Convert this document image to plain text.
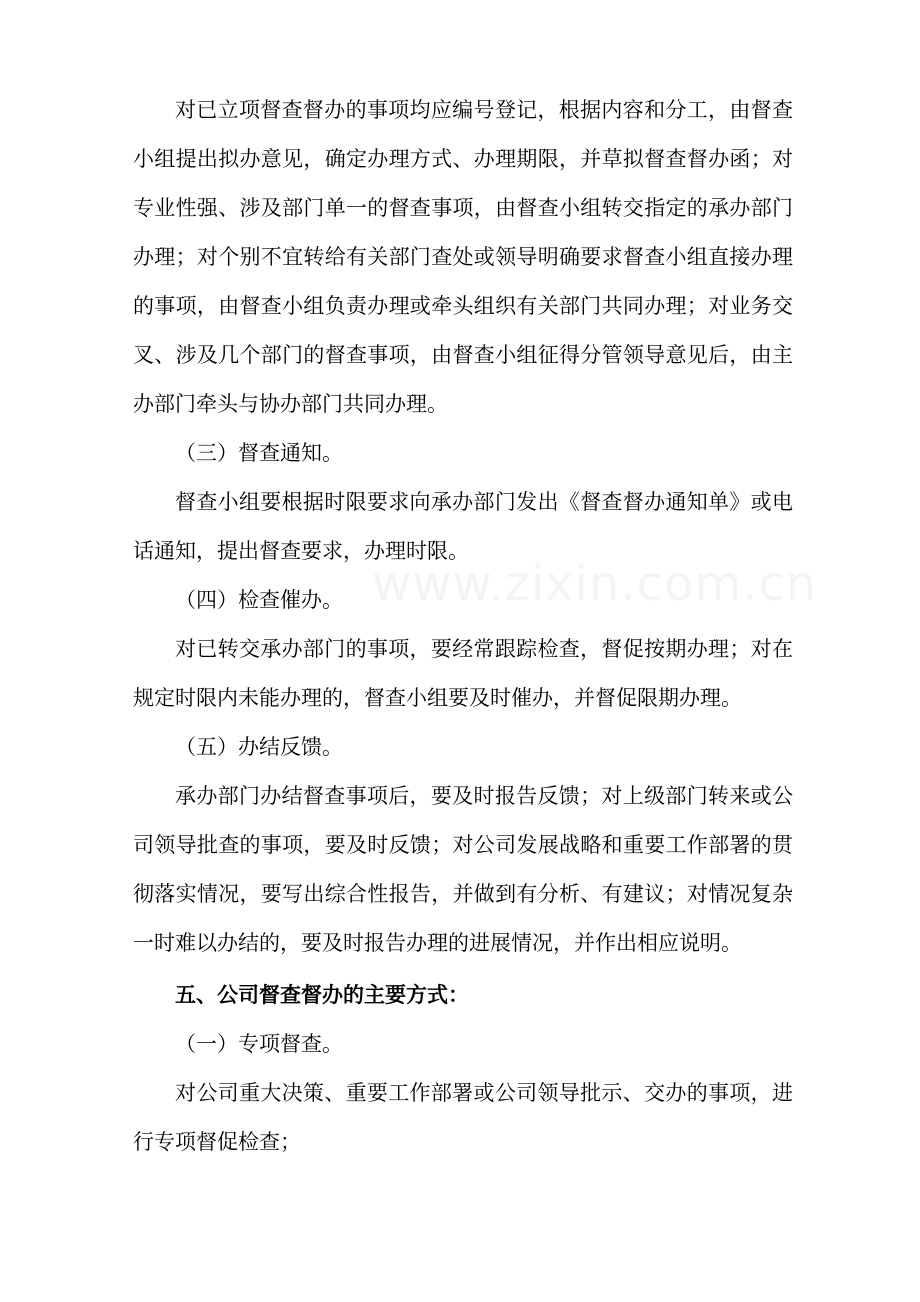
对已立项督查督办的事项均应编号登记，根据内容和分工，由督查小组提出拟办意见，确定办理方式、办理期限，并草拟督查督办函；对专业性强、涉及部门单一的督查事项，由督查小组转交指定的承办部门办理；对个别不宜转给有关部门查处或领导明确要求督查小组直接办理的事项，由督查小组负责办理或牵头组织有关部门共同办理；对业务交叉、涉及几个部门的督查事项，由督查小组征得分管领导意见后，由主办部门牵头与协办部门共同办理。

（三）督查通知。

督查小组要根据时限要求向承办部门发出《督查督办通知单》或电话通知，提出督查要求，办理时限。

（四）检查催办。

对已转交承办部门的事项，要经常跟踪检查，督促按期办理；对在规定时限内未能办理的，督查小组要及时催办，并督促限期办理。

（五）办结反馈。

承办部门办结督查事项后，要及时报告反馈；对上级部门转来或公司领导批查的事项，要及时反馈；对公司发展战略和重要工作部署的贯彻落实情况，要写出综合性报告，并做到有分析、有建议；对情况复杂一时难以办结的，要及时报告办理的进展情况，并作出相应说明。

五、公司督查督办的主要方式：

（一）专项督查。

对公司重大决策、重要工作部署或公司领导批示、交办的事项，进行专项督促检查；
